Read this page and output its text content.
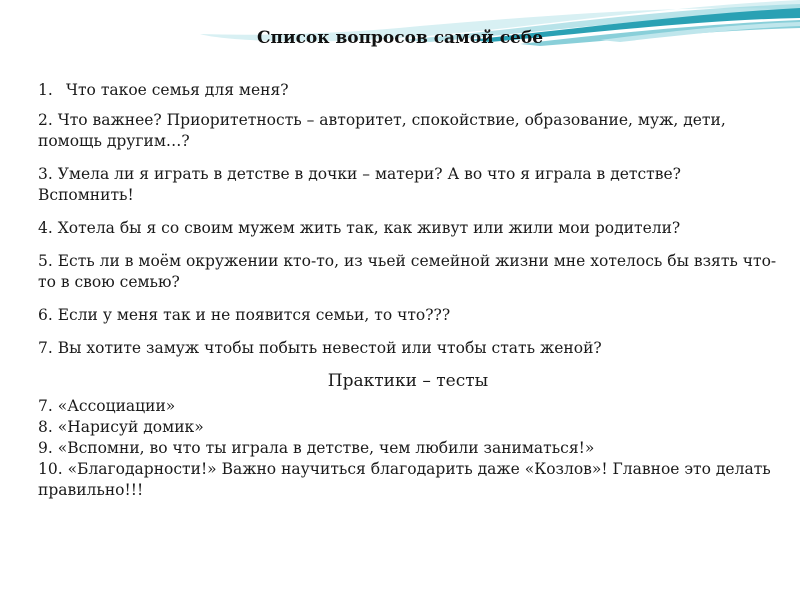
Список вопросов самой себе
1. Что такое семья для меня?
2. Что важнее? Приоритетность – авторитет, спокойствие, образование, муж, дети, помощь другим…?
3. Умела ли я играть в детстве в дочки – матери? А во что я играла в детстве? Вспомнить!
4. Хотела бы я со своим мужем жить так, как живут или жили мои родители?
5. Есть ли в моём окружении кто-то, из чьей семейной жизни мне хотелось бы взять что-то в свою семью?
6. Если у меня так и не появится семьи, то что???
7. Вы хотите замуж чтобы побыть невестой или чтобы стать женой?
Практики – тесты
7. «Ассоциации»
8. «Нарисуй домик»
9. «Вспомни, во что ты играла в детстве, чем любили заниматься!»
10. «Благодарности!» Важно научиться благодарить даже «Козлов»! Главное это делать правильно!!!
